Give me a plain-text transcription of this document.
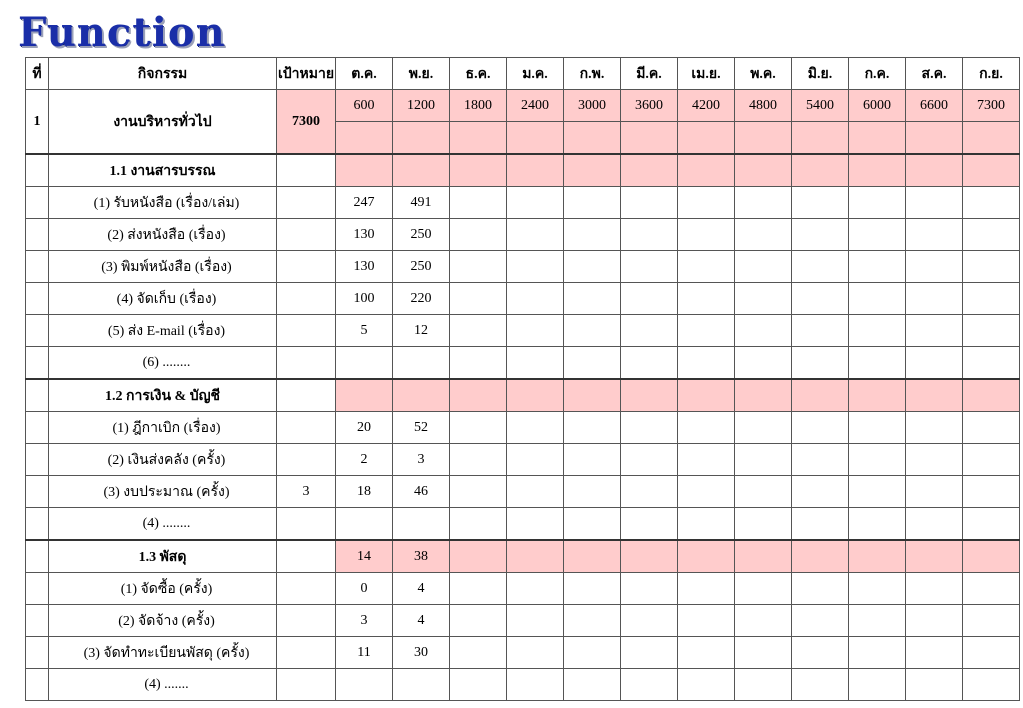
Function
ที่	กิจกรรม	เป้าหมาย	ต.ค.	พ.ย.	ธ.ค.	ม.ค.	ก.พ.	มี.ค.	เม.ย.	พ.ค.	มิ.ย.	ก.ค.	ส.ค.	ก.ย.
1	งานบริหารทั่วไป	7300	600	1200	1800	2400	3000	3600	4200	4800	5400	6000	6600	7300

	1.1 งานสารบรรณ													
	(1) รับหนังสือ (เรื่อง/เล่ม)		247	491										
	(2) ส่งหนังสือ (เรื่อง)		130	250										
	(3) พิมพ์หนังสือ (เรื่อง)		130	250										
	(4) จัดเก็บ (เรื่อง)		100	220										
	(5) ส่ง E-mail (เรื่อง)		5	12										
	(6) ........													
	1.2 การเงิน & บัญชี													
	(1) ฎีกาเบิก (เรื่อง)		20	52										
	(2) เงินส่งคลัง (ครั้ง)		2	3										
	(3) งบประมาณ (ครั้ง)	3	18	46										
	(4) ........													
	1.3 พัสดุ		14	38										
	(1) จัดซื้อ (ครั้ง)		0	4										
	(2) จัดจ้าง (ครั้ง)		3	4										
	(3) จัดทำทะเบียนพัสดุ (ครั้ง)		11	30										
	(4) .......													
